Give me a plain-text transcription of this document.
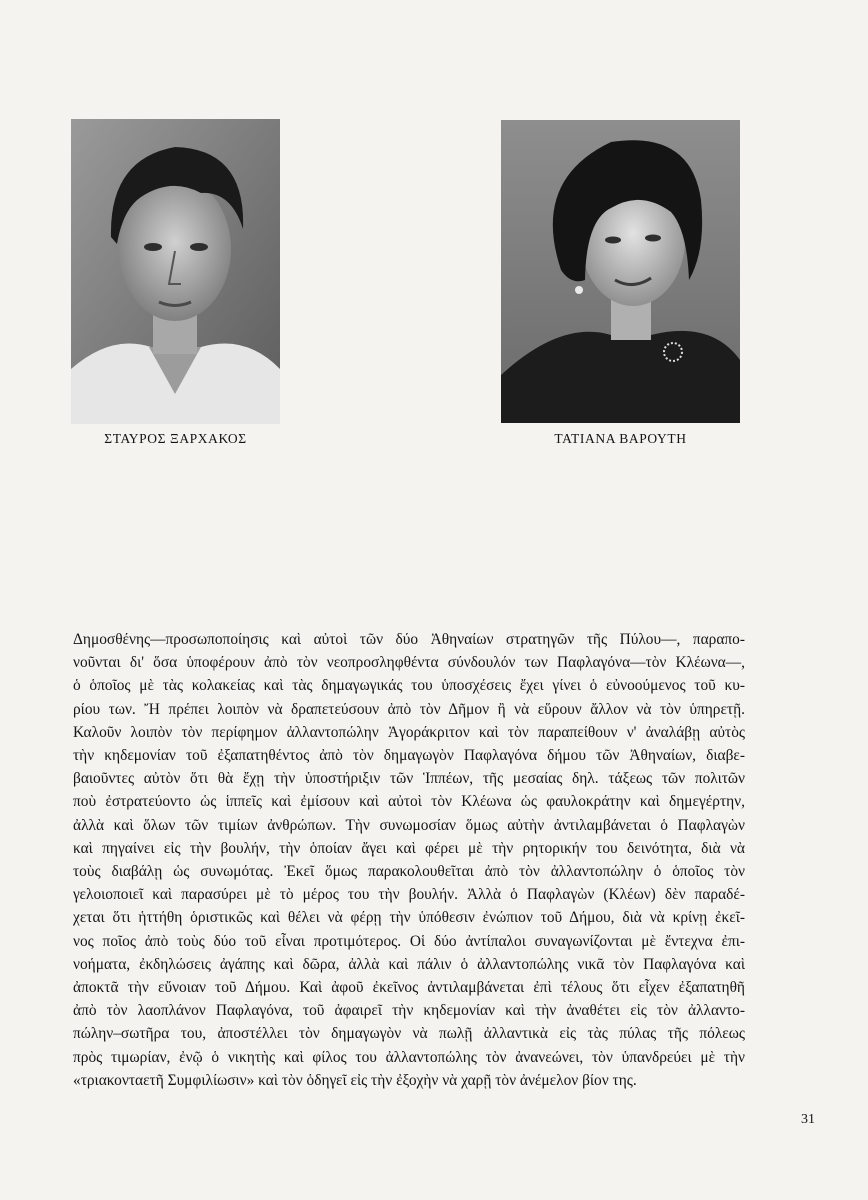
ΣΤΑΥΡΟΣ ΞΑΡΧΑΚΟΣ	ΤΑΤΙΑΝΑ ΒΑΡΟΥΤΗ
Δημοσθένης—προσωποποίησις καὶ αὐτοὶ τῶν δύο Ἀθηναίων στρατηγῶν τῆς Πύλου—, παραπο-
νοῦνται δι' ὅσα ὑποφέρουν ἀπὸ τὸν νεοπροσληφθέντα σύνδουλόν των Παφλαγόνα—τὸν Κλέωνα—,
ὁ ὁποῖος μὲ τὰς κολακείας καὶ τὰς δημαγωγικάς του ὑποσχέσεις ἔχει γίνει ὁ εὐνοούμενος τοῦ κυ-
ρίου των. Ἤ πρέπει λοιπὸν νὰ δραπετεύσουν ἀπὸ τὸν Δῆμον ἢ νὰ εὕρουν ἄλλον νὰ τὸν ὑπηρετῇ.
Καλοῦν λοιπὸν τὸν περίφημον ἀλλαντοπώλην Ἀγοράκριτον καὶ τὸν παραπείθουν ν' ἀναλάβῃ αὐτὸς
τὴν κηδεμονίαν τοῦ ἐξαπατηθέντος ἀπὸ τὸν δημαγωγὸν Παφλαγόνα δήμου τῶν Ἀθηναίων, διαβε-
βαιοῦντες αὐτὸν ὅτι θὰ ἔχῃ τὴν ὑποστήριξιν τῶν Ἱππέων, τῆς μεσαίας δηλ. τάξεως τῶν πολιτῶν
ποὺ ἐστρατεύοντο ὡς ἱππεῖς καὶ ἐμίσουν καὶ αὐτοὶ τὸν Κλέωνα ὡς φαυλοκράτην καὶ δημεγέρτην,
ἀλλὰ καὶ ὅλων τῶν τιμίων ἀνθρώπων. Τὴν συνωμοσίαν ὅμως αὐτὴν ἀντιλαμβάνεται ὁ Παφλαγὼν
καὶ πηγαίνει εἰς τὴν βουλήν, τὴν ὁποίαν ἄγει καὶ φέρει μὲ τὴν ρητορικήν του δεινότητα, διὰ νὰ
τοὺς διαβάλῃ ὡς συνωμότας. Ἐκεῖ ὅμως παρακολουθεῖται ἀπὸ τὸν ἀλλαντοπώλην ὁ ὁποῖος τὸν
γελοιοποιεῖ καὶ παρασύρει μὲ τὸ μέρος του τὴν βουλήν. Ἀλλὰ ὁ Παφλαγὼν (Κλέων) δὲν παραδέ-
χεται ὅτι ἡττήθη ὁριστικῶς καὶ θέλει νὰ φέρῃ τὴν ὑπόθεσιν ἐνώπιον τοῦ Δήμου, διὰ νὰ κρίνῃ ἐκεῖ-
νος ποῖος ἀπὸ τοὺς δύο τοῦ εἶναι προτιμότερος. Οἱ δύο ἀντίπαλοι συναγωνίζονται μὲ ἔντεχνα ἐπι-
νοήματα, ἐκδηλώσεις ἀγάπης καὶ δῶρα, ἀλλὰ καὶ πάλιν ὁ ἀλλαντοπώλης νικᾶ τὸν Παφλαγόνα καὶ
ἀποκτᾶ τὴν εὔνοιαν τοῦ Δήμου. Καὶ ἀφοῦ ἐκεῖνος ἀντιλαμβάνεται ἐπὶ τέλους ὅτι εἶχεν ἐξαπατηθῆ
ἀπὸ τὸν λαοπλάνον Παφλαγόνα, τοῦ ἀφαιρεῖ τὴν κηδεμονίαν καὶ τὴν ἀναθέτει εἰς τὸν ἀλλαντο-
πώλην–σωτῆρα του, ἀποστέλλει τὸν δημαγωγὸν νὰ πωλῇ ἀλλαντικὰ εἰς τὰς πύλας τῆς πόλεως
πρὸς τιμωρίαν, ἐνῷ ὁ νικητὴς καὶ φίλος του ἀλλαντοπώλης τὸν ἀνανεώνει, τὸν ὑπανδρεύει μὲ τὴν
«τριακονταετῆ Συμφιλίωσιν» καὶ τὸν ὁδηγεῖ εἰς τὴν ἐξοχὴν νὰ χαρῇ τὸν ἀνέμελον βίον της.
31
